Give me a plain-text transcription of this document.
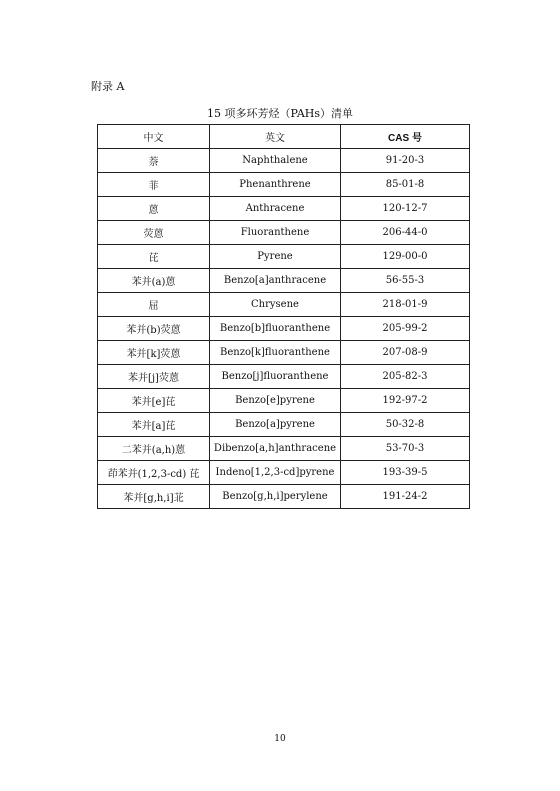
附录 A
15 项多环芳烃（PAHs）清单
中文	英文	CAS 号
萘	Naphthalene	91-20-3
菲	Phenanthrene	85-01-8
蒽	Anthracene	120-12-7
荧蒽	Fluoranthene	206-44-0
芘	Pyrene	129-00-0
苯并(a)蒽	Benzo[a]anthracene	56-55-3
屈	Chrysene	218-01-9
苯并(b)荧蒽	Benzo[b]fluoranthene	205-99-2
苯并[k]荧蒽	Benzo[k]fluoranthene	207-08-9
苯并[j]荧蒽	Benzo[j]fluoranthene	205-82-3
苯并[e]芘	Benzo[e]pyrene	192-97-2
苯并[a]芘	Benzo[a]pyrene	50-32-8
二苯并(a,h)蒽	Dibenzo[a,h]anthracene	53-70-3
茚苯并(1,2,3-cd) 芘	Indeno[1,2,3-cd]pyrene	193-39-5
苯并[g,h,i]苝	Benzo[g,h,i]perylene	191-24-2
10
